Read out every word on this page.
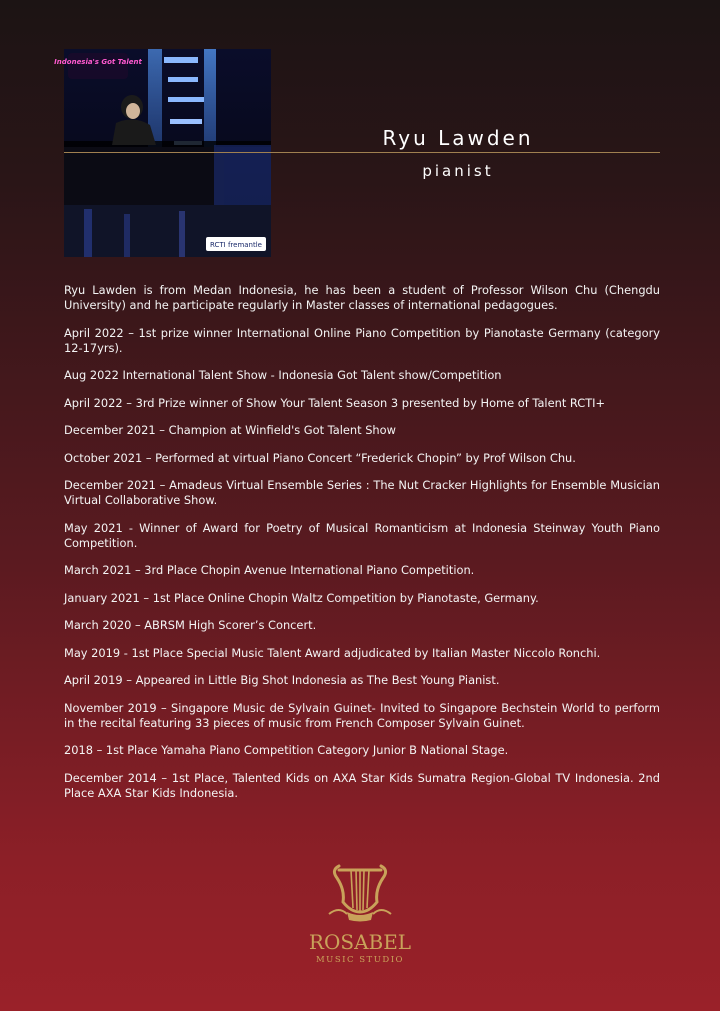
Indonesia's Got Talent
RCTI fremantle
Ryu Lawden
pianist

Ryu Lawden is from Medan Indonesia, he has been a student of Professor Wilson Chu (Chengdu University) and he participate regularly in Master classes of international pedagogues.

April 2022 – 1st prize winner International Online Piano Competition by Pianotaste Germany (category 12-17yrs).

Aug 2022 International Talent Show - Indonesia Got Talent show/Competition

April 2022 – 3rd Prize winner of Show Your Talent Season 3 presented by Home of Talent RCTI+

December 2021 – Champion at Winfield's Got Talent Show

October 2021 – Performed at virtual Piano Concert “Frederick Chopin” by Prof Wilson Chu.

December 2021 – Amadeus Virtual Ensemble Series : The Nut Cracker Highlights for Ensemble Musician Virtual Collaborative Show.

May 2021 - Winner of Award for Poetry of Musical Romanticism at Indonesia Steinway Youth Piano Competition.

March 2021 – 3rd Place Chopin Avenue International Piano Competition.

January 2021 – 1st Place Online Chopin Waltz Competition by Pianotaste, Germany.

March 2020 – ABRSM High Scorer’s Concert.

May 2019 - 1st Place Special Music Talent Award adjudicated by Italian Master Niccolo Ronchi.

April 2019 – Appeared in Little Big Shot Indonesia as The Best Young Pianist.

November 2019 – Singapore Music de Sylvain Guinet- Invited to Singapore Bechstein World to perform in the recital featuring 33 pieces of music from French Composer Sylvain Guinet.

2018 – 1st Place Yamaha Piano Competition Category Junior B National Stage.

December 2014 – 1st Place, Talented Kids on AXA Star Kids Sumatra Region-Global TV Indonesia. 2nd Place AXA Star Kids Indonesia.

ROSABEL
MUSIC STUDIO
